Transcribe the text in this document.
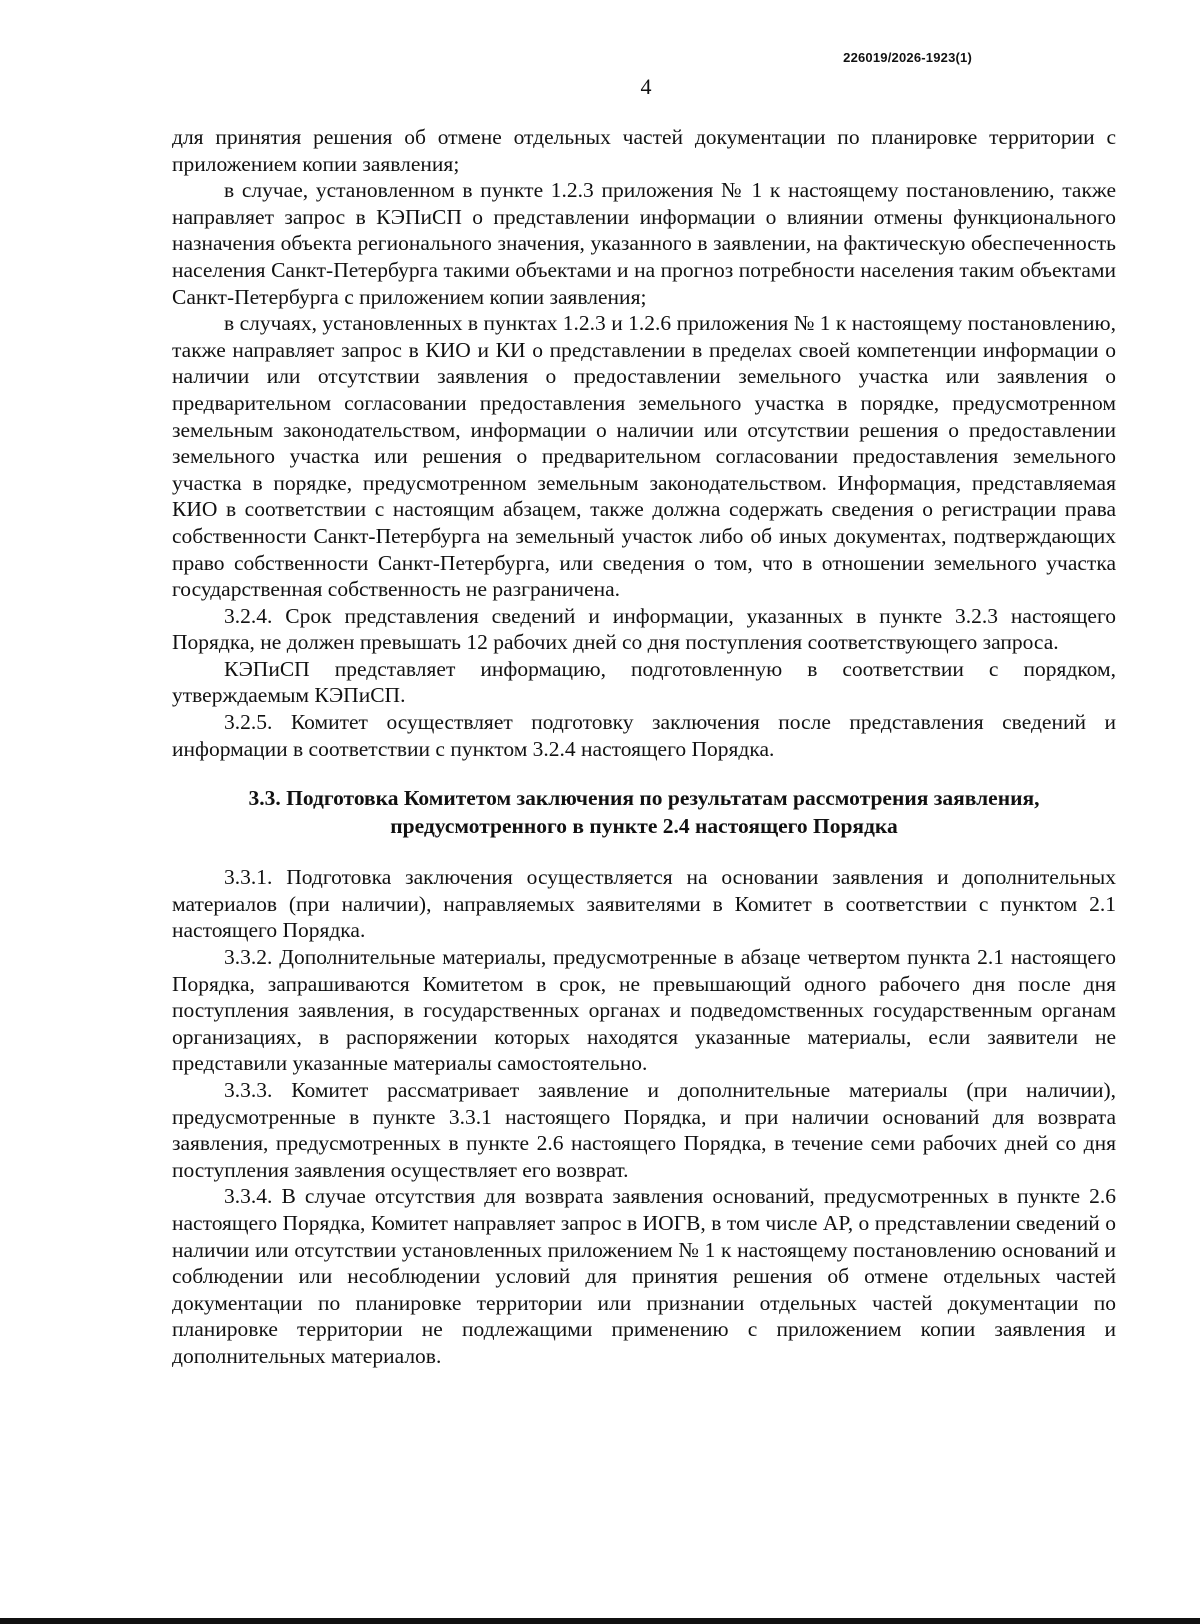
226019/2026-1923(1)
4

для принятия решения об отмене отдельных частей документации по планировке территории с приложением копии заявления;

в случае, установленном в пункте 1.2.3 приложения № 1 к настоящему постановлению, также направляет запрос в КЭПиСП о представлении информации о влиянии отмены функционального назначения объекта регионального значения, указанного в заявлении, на фактическую обеспеченность населения Санкт-Петербурга такими объектами и на прогноз потребности населения таким объектами Санкт-Петербурга с приложением копии заявления;

в случаях, установленных в пунктах 1.2.3 и 1.2.6 приложения № 1 к настоящему постановлению, также направляет запрос в КИО и КИ о представлении в пределах своей компетенции информации о наличии или отсутствии заявления о предоставлении земельного участка или заявления о предварительном согласовании предоставления земельного участка в порядке, предусмотренном земельным законодательством, информации о наличии или отсутствии решения о предоставлении земельного участка или решения о предварительном согласовании предоставления земельного участка в порядке, предусмотренном земельным законодательством. Информация, представляемая КИО в соответствии с настоящим абзацем, также должна содержать сведения о регистрации права собственности Санкт-Петербурга на земельный участок либо об иных документах, подтверждающих право собственности Санкт-Петербурга, или сведения о том, что в отношении земельного участка государственная собственность не разграничена.

3.2.4. Срок представления сведений и информации, указанных в пункте 3.2.3 настоящего Порядка, не должен превышать 12 рабочих дней со дня поступления соответствующего запроса.

КЭПиСП представляет информацию, подготовленную в соответствии с порядком, утверждаемым КЭПиСП.

3.2.5. Комитет осуществляет подготовку заключения после представления сведений и информации в соответствии с пунктом 3.2.4 настоящего Порядка.

3.3. Подготовка Комитетом заключения по результатам рассмотрения заявления,
предусмотренного в пункте 2.4 настоящего Порядка

3.3.1. Подготовка заключения осуществляется на основании заявления и дополнительных материалов (при наличии), направляемых заявителями в Комитет в соответствии с пунктом 2.1 настоящего Порядка.

3.3.2. Дополнительные материалы, предусмотренные в абзаце четвертом пункта 2.1 настоящего Порядка, запрашиваются Комитетом в срок, не превышающий одного рабочего дня после дня поступления заявления, в государственных органах и подведомственных государственным органам организациях, в распоряжении которых находятся указанные материалы, если заявители не представили указанные материалы самостоятельно.

3.3.3. Комитет рассматривает заявление и дополнительные материалы (при наличии), предусмотренные в пункте 3.3.1 настоящего Порядка, и при наличии оснований для возврата заявления, предусмотренных в пункте 2.6 настоящего Порядка, в течение семи рабочих дней со дня поступления заявления осуществляет его возврат.

3.3.4. В случае отсутствия для возврата заявления оснований, предусмотренных в пункте 2.6 настоящего Порядка, Комитет направляет запрос в ИОГВ, в том числе АР, о представлении сведений о наличии или отсутствии установленных приложением № 1 к настоящему постановлению оснований и соблюдении или несоблюдении условий для принятия решения об отмене отдельных частей документации по планировке территории или признании отдельных частей документации по планировке территории не подлежащими применению с приложением копии заявления и дополнительных материалов.
